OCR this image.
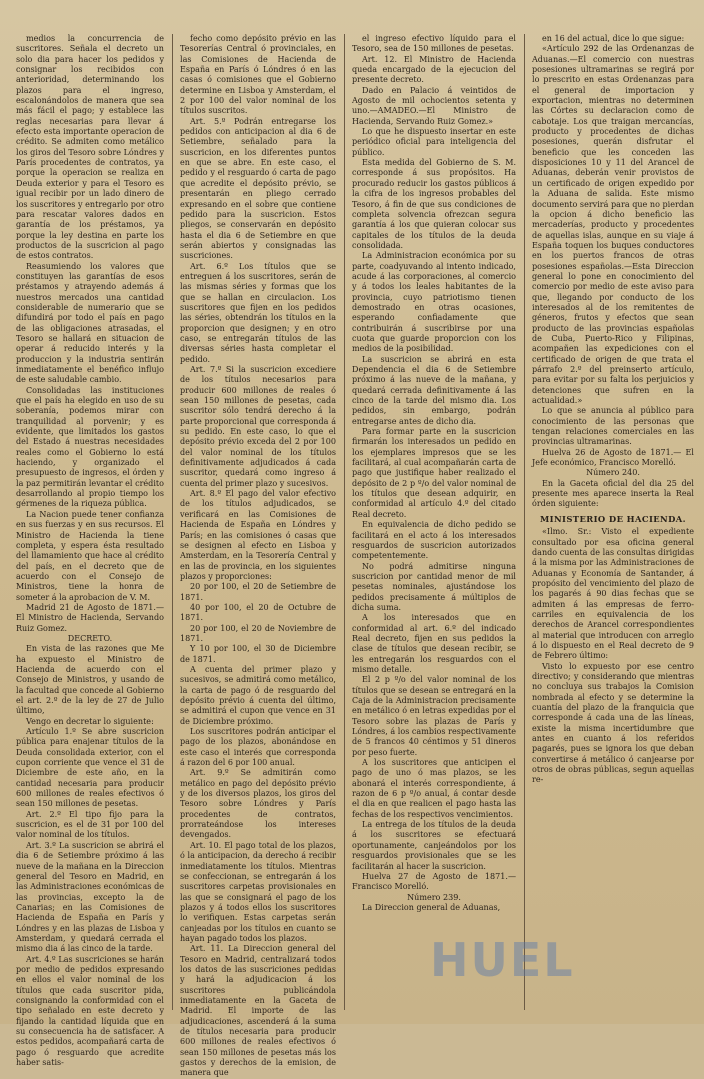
medios la concurrencia de suscritores. Señala el decreto un solo dia para hacer los pedidos y consignar los recibidos con anterioridad, determinando los plazos para el ingreso, escalonándolos de manera que sea más fácil el pago; y establece las reglas necesarias para llevar á efecto esta importante operacion de crédito. Se admiten como metálico los giros del Tesoro sobre Lóndres y París procedentes de contratos, ya porque la operacion se realiza en Deuda exterior y para el Tesoro es igual recibir por un lado dinero de los suscritores y entregarlo por otro para rescatar valores dados en garantía de los préstamos, ya porque la ley destina en parte los productos de la suscricion al pago de estos contratos.

Reasumiendo los valores que constituyen las garantías de esos préstamos y atrayendo además á nuestros mercados una cantidad considerable de numerario que se difundirá por todo el país en pago de las obligaciones atrasadas, el Tesoro se hallará en situacion de operar á reducido interés y la produccion y la industria sentirán inmediatamente el benéfico influjo de este saludable cambio.

Consolidadas las instituciones que el país ha elegido en uso de su soberanía, podemos mirar con tranquilidad al porvenir; y es evidente, que limitados los gastos del Estado á nuestras necesidades reales como el Gobierno lo está haciendo, y organizado el presupuesto de ingresos, el órden y la paz permitirán levantar el crédito desarrollando al propio tiempo los gérmenes de la riqueza pública.

La Nacion puede tener confianza en sus fuerzas y en sus recursos. El Ministro de Hacienda la tiene completa, y espera ésta resultado del llamamiento que hace al crédito del país, en el decreto que de acuerdo con el Consejo de Ministros, tiene la honra de someter á la aprobacion de V. M.

Madrid 21 de Agosto de 1871.— El Ministro de Hacienda, Servando Ruiz Gomez.

DECRETO.

En vista de las razones que Me ha expuesto el Ministro de Hacienda de acuerdo con el Consejo de Ministros, y usando de la facultad que concede al Gobierno el art. 2.º de la ley de 27 de Julio último,

Vengo en decretar lo siguiente:

Artículo 1.º Se abre suscricion pública para enajenar títulos de la Deuda consolidada exterior, con el cupon corriente que vence el 31 de Diciembre de este año, en la cantidad necesaria para producir 600 millones de reales efectivos ó sean 150 millones de pesetas.

Art. 2.º El tipo fijo para la suscricion, es el de 31 por 100 del valor nominal de los títulos.

Art. 3.º La suscricion se abrirá el dia 6 de Setiembre próximo á las nueve de la mañana en la Direccion general del Tesoro en Madrid, en las Administraciones económicas de las provincias, excepto la de Canarias; en las Comisiones de Hacienda de España en París y Lóndres y en las plazas de Lisboa y Amsterdam, y quedará cerrada el mismo dia á las cinco de la tarde.

Art. 4.º Las suscriciones se harán por medio de pedidos expresando en ellos el valor nominal de los títulos que cada suscritor pida, consignando la conformidad con el tipo señalado en este decreto y fijando la cantidad líquida que en su consecuencia ha de satisfacer. A estos pedidos, acompañará carta de pago ó resguardo que acredite haber satis-

fecho como depósito prévio en las Tesorerías Central ó provinciales, en las Comisiones de Hacienda de España en París ó Lóndres ó en las casas ó comisiones que el Gobierno determine en Lisboa y Amsterdam, el 2 por 100 del valor nominal de los títulos suscritos.

Art. 5.º Podrán entregarse los pedidos con anticipacion al dia 6 de Setiembre, señalado para la suscricion, en los diferentes puntos en que se abre. En este caso, el pedido y el resguardo ó carta de pago que acredite el depósito prévio, se presentarán en pliego cerrado expresando en el sobre que contiene pedido para la suscricion. Estos pliegos, se conservarán en depósito hasta el dia 6 de Setiembre en que serán abiertos y consignadas las suscriciones.

Art. 6.º Los títulos que se entreguen á los suscritores, serán de las mismas séries y formas que los que se hallan en circulacion. Los suscritores que fijen en los pedidos las séries, obtendrán los títulos en la proporcion que designen; y en otro caso, se entregarán títulos de las diversas séries hasta completar el pedido.

Art. 7.º Si la suscricion excediere de los títulos necesarios para producir 600 millones de reales ó sean 150 millones de pesetas, cada suscritor sólo tendrá derecho á la parte proporcional que corresponda á su pedido. En este caso, lo que el depósito prévio exceda del 2 por 100 del valor nominal de los títulos definitivamente adjudicados á cada suscritor, quedará como ingreso á cuenta del primer plazo y sucesivos.

Art. 8.º El pago del valor efectivo de los títulos adjudicados, se verificará en las Comisiones de Hacienda de España en Lóndres y París; en las comisiones ó casas que se designen al efecto en Lisboa y Amsterdam, en la Tesorería Central y en las de provincia, en los siguientes plazos y proporciones:

20 por 100, el 20 de Setiembre de 1871.

40 por 100, el 20 de Octubre de 1871.

20 por 100, el 20 de Noviembre de 1871.

Y 10 por 100, el 30 de Diciembre de 1871.

A cuenta del primer plazo y sucesivos, se admitirá como metálico, la carta de pago ó de resguardo del depósito prévio á cuenta del último, se admitirá el cupon que vence en 31 de Diciembre próximo.

Los suscritores podrán anticipar el pago de los plazos, abonándose en este caso el interés que corresponda á razon del 6 por 100 anual.

Art. 9.º Se admitirán como metálico en pago del depósito prévio y de los diversos plazos, los giros del Tesoro sobre Lóndres y París procedentes de contratos, prorrateándose los intereses devengados.

Art. 10. El pago total de los plazos, ó la anticipacion, da derecho á recibir inmediatamente los títulos. Mientras se confeccionan, se entregarán á los suscritores carpetas provisionales en las que se consignará el pago de los plazos y á todos ellos los suscritores lo verifiquen. Estas carpetas serán canjeadas por los títulos en cuanto se hayan pagado todos los plazos.

Art. 11. La Direccion general del Tesoro en Madrid, centralizará todos los datos de las suscriciones pedidas y hará la adjudicacion á los suscritores publicándola inmediatamente en la Gaceta de Madrid. El importe de las adjudicaciones, ascenderá á la suma de títulos necesaria para producir 600 millones de reales efectivos ó sean 150 millones de pesetas más los gastos y derechos de la emision, de manera que

el ingreso efectivo líquido para el Tesoro, sea de 150 millones de pesetas.

Art. 12. El Ministro de Hacienda queda encargado de la ejecucion del presente decreto.

Dado en Palacio á veintidos de Agosto de mil ochocientos setenta y uno.—AMADEO.—El Ministro de Hacienda, Servando Ruiz Gomez.»

Lo que he dispuesto insertar en este periódico oficial para inteligencia del público.

Esta medida del Gobierno de S. M. corresponde á sus propósitos. Ha procurado reducir los gastos públicos á la cifra de los ingresos probables del Tesoro, á fin de que sus condiciones de completa solvencia ofrezcan segura garantía á los que quieran colocar sus capitales de los títulos de la deuda consolidada.

La Administracion económica por su parte, coadyuvando al intento indicado, acude á las corporaciones, al comercio y á todos los leales habitantes de la provincia, cuyo patriotismo tienen demostrado en otras ocasiones, esperando confiadamente que contribuirán á suscribirse por una cuota que guarde proporcion con los medios de la posibilidad.

La suscricion se abrirá en esta Dependencia el dia 6 de Setiembre próximo á las nueve de la mañana, y quedará cerrada definitivamente á las cinco de la tarde del mismo dia. Los pedidos, sin embargo, podrán entregarse antes de dicho dia.

Para formar parte en la suscricion firmarán los interesados un pedido en los ejemplares impresos que se les facilitará, al cual acompañarán carta de pago que justifique haber realizado el depósito de 2 p º/o del valor nominal de los títulos que desean adquirir, en conformidad al artículo 4.º del citado Real decreto.

En equivalencia de dicho pedido se facilitará en el acto á los interesados resguardos de suscricion autorizados competentemente.

No podrá admitirse ninguna suscricion por cantidad menor de mil pesetas nominales, ajustándose los pedidos precisamente á múltiplos de dicha suma.

A los interesados que en conformidad al art. 6.º del indicado Real decreto, fijen en sus pedidos la clase de títulos que desean recibir, se les entregarán los resguardos con el mismo detalle.

El 2 p º/o del valor nominal de los títulos que se desean se entregará en la Caja de la Administracion precisamente en metálico ó en letras expedidas por el Tesoro sobre las plazas de París y Lóndres, á los cambios respectivamente de 5 francos 40 céntimos y 51 dineros por peso fuerte.

A los suscritores que anticipen el pago de uno ó mas plazos, se les abonará el interés correspondiente, á razon de 6 p º/o anual, á contar desde el dia en que realicen el pago hasta las fechas de los respectivos vencimientos.

La entrega de los títulos de la deuda á los suscritores se efectuará oportunamente, canjeándolos por los resguardos provisionales que se les facilitarán al hacer la suscricion.

Huelva 27 de Agosto de 1871.— Francisco Morelló.

Número 239.

La Direccion general de Aduanas,

en 16 del actual, dice lo que sigue:

«Artículo 292 de las Ordenanzas de Aduanas.—El comercio con nuestras posesiones ultramarinas se regirá por lo prescrito en estas Ordenanzas para el general de importacion y exportacion, mientras no determinen las Córtes su declaracion como de cabotaje. Los que traigan mercancías, producto y procedentes de dichas posesiones, querán disfrutar el beneficio que les conceden las disposiciones 10 y 11 del Arancel de Aduanas, deberán venir provistos de un certificado de origen expedido por la Aduana de salida. Este mismo documento servirá para que no pierdan la opcion á dicho beneficio las mercaderías, producto y procedentes de aquellas islas, aunque en su viaje á España toquen los buques conductores en los puertos francos de otras posesiones españolas.—Esta Direccion general lo pone en conocimiento del comercio por medio de este aviso para que, llegando por conducto de los interesados al de los remitentes de géneros, frutos y efectos que sean producto de las provincias españolas de Cuba, Puerto-Rico y Filipinas, acompañen las expediciones con el certificado de origen de que trata el párrafo 2.º del preinserto artículo, para evitar por su falta los perjuicios y detenciones que sufren en la actualidad.»

Lo que se anuncia al público para conocimiento de las personas que tengan relaciones comerciales en las provincias ultramarinas.

Huelva 26 de Agosto de 1871.— El Jefe económico, Francisco Morelló.

Número 240.

En la Gaceta oficial del dia 25 del presente mes aparece inserta la Real órden siguiente:

MINISTERIO DE HACIENDA.

«Ilmo. Sr.: Visto el expediente consultado por esa oficina general dando cuenta de las consultas dirigidas á la misma por las Administraciones de Aduanas y Economía de Santander, á propósito del vencimiento del plazo de los pagarés á 90 dias fechas que se admiten á las empresas de ferro-carriles en equivalencia de los derechos de Arancel correspondientes al material que introducen con arreglo á lo dispuesto en el Real decreto de 9 de Febrero último:

Visto lo expuesto por ese centro directivo; y considerando que mientras no concluya sus trabajos la Comision nombrada al efecto y se determine la cuantía del plazo de la franquicia que corresponde á cada una de las líneas, existe la misma incertidumbre que antes en cuanto á los referidos pagarés, pues se ignora los que deban convertirse á metálico ó canjearse por otros de obras públicas, segun aquellas re-

HUEL
